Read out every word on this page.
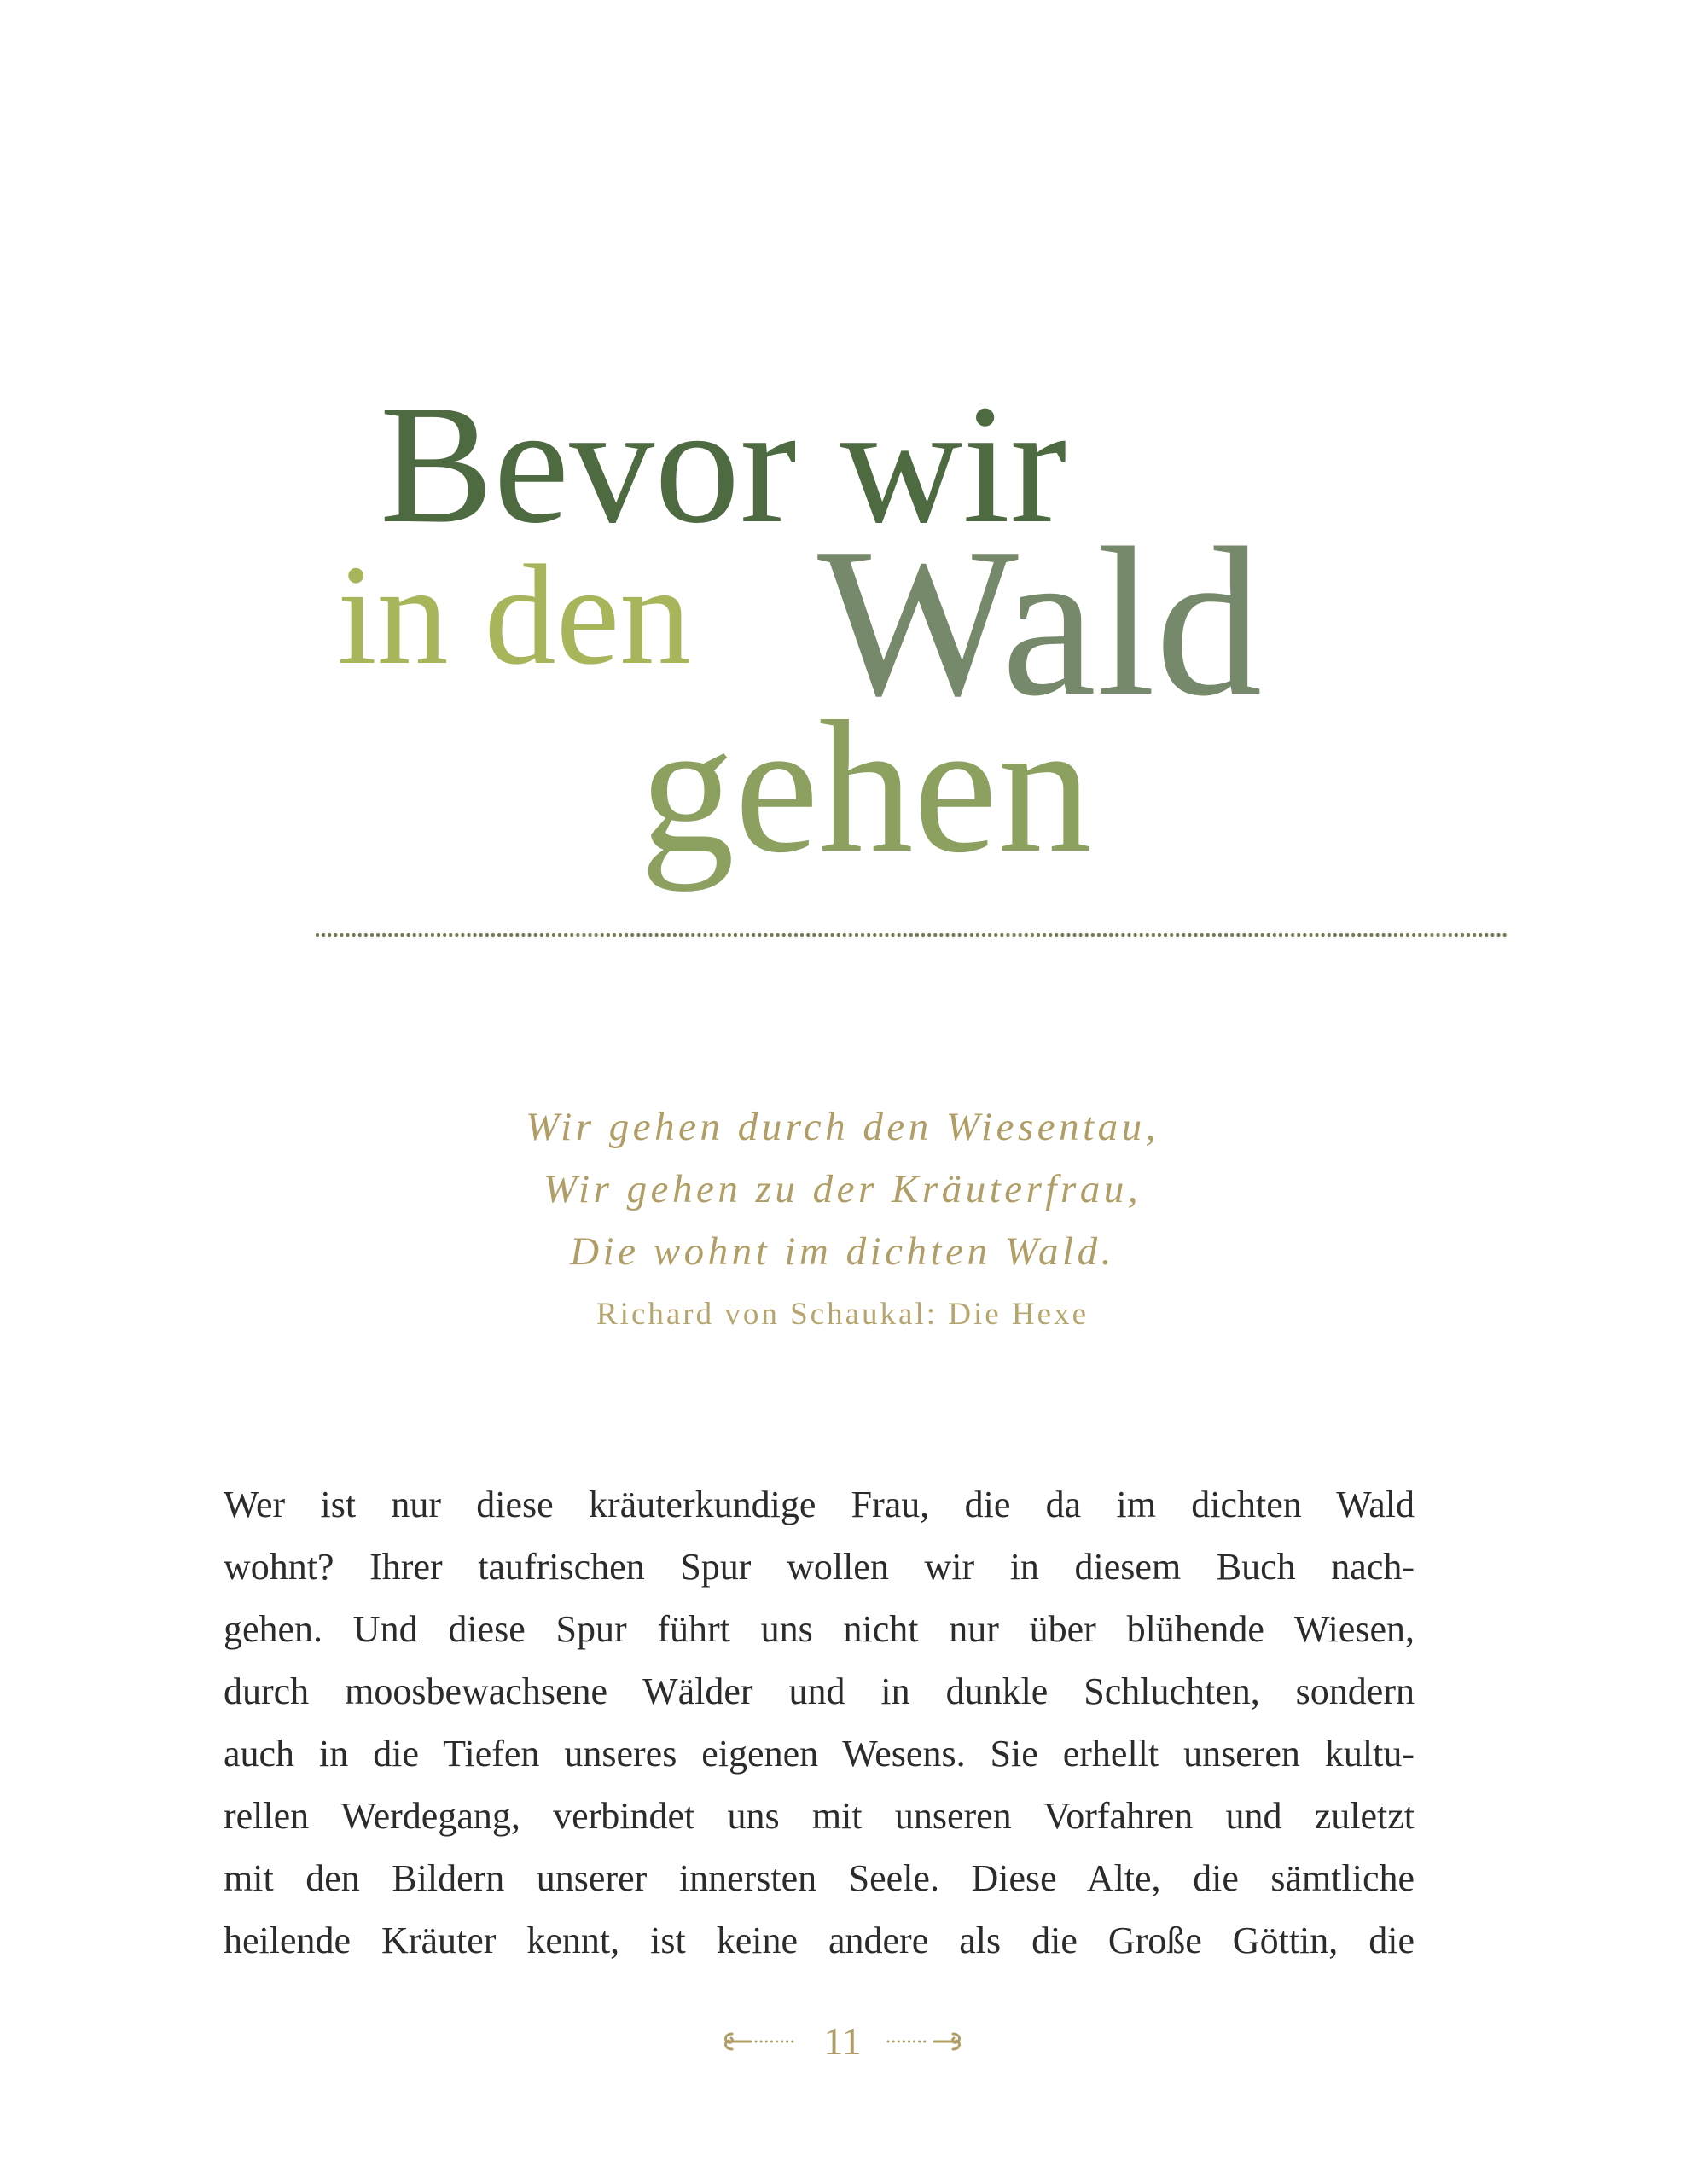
Bevor wir
in den Wald
gehen

Wir gehen durch den Wiesentau,

Wir gehen zu der Kräuterfrau,

Die wohnt im dichten Wald.

Richard von Schaukal: Die Hexe

Wer ist nur diese kräuterkundige Frau, die da im dichten Wald
wohnt? Ihrer taufrischen Spur wollen wir in diesem Buch nach-
gehen. Und diese Spur führt uns nicht nur über blühende Wiesen,
durch moosbewachsene Wälder und in dunkle Schluchten, sondern
auch in die Tiefen unseres eigenen Wesens. Sie erhellt unseren kultu-
rellen Werdegang, verbindet uns mit unseren Vorfahren und zuletzt
mit den Bildern unserer innersten Seele. Diese Alte, die sämtliche
heilende Kräuter kennt, ist keine andere als die Große Göttin, die
11
